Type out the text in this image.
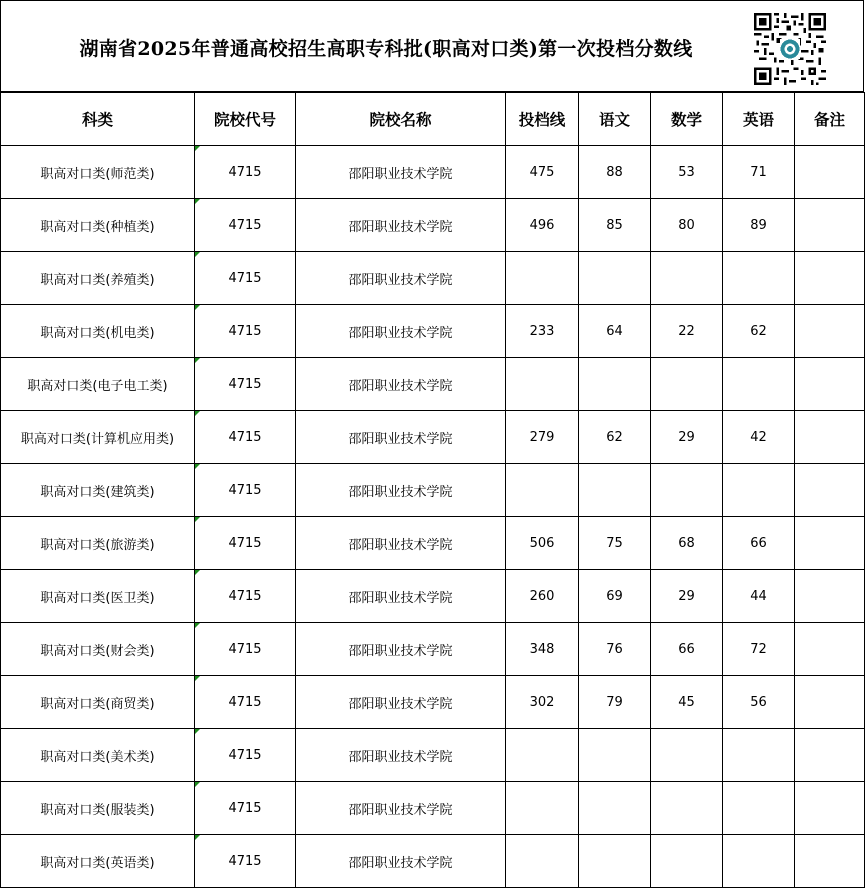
湖南省2025年普通高校招生高职专科批(职高对口类)第一次投档分数线
科类	院校代号	院校名称	投档线	语文	数学	英语	备注
职高对口类(师范类)	4715	邵阳职业技术学院	475	88	53	71	
职高对口类(种植类)	4715	邵阳职业技术学院	496	85	80	89	
职高对口类(养殖类)	4715	邵阳职业技术学院					
职高对口类(机电类)	4715	邵阳职业技术学院	233	64	22	62	
职高对口类(电子电工类)	4715	邵阳职业技术学院					
职高对口类(计算机应用类)	4715	邵阳职业技术学院	279	62	29	42	
职高对口类(建筑类)	4715	邵阳职业技术学院					
职高对口类(旅游类)	4715	邵阳职业技术学院	506	75	68	66	
职高对口类(医卫类)	4715	邵阳职业技术学院	260	69	29	44	
职高对口类(财会类)	4715	邵阳职业技术学院	348	76	66	72	
职高对口类(商贸类)	4715	邵阳职业技术学院	302	79	45	56	
职高对口类(美术类)	4715	邵阳职业技术学院					
职高对口类(服装类)	4715	邵阳职业技术学院					
职高对口类(英语类)	4715	邵阳职业技术学院					
